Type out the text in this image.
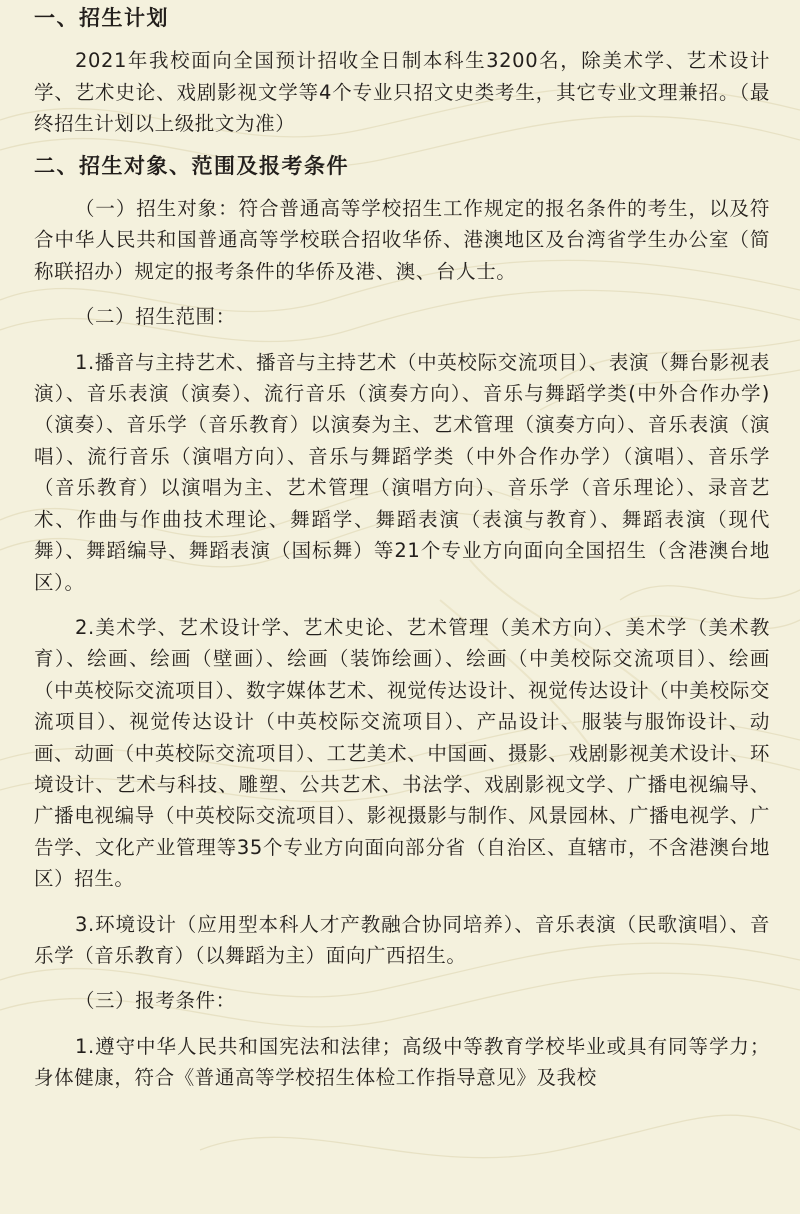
一、招生计划

2021年我校面向全国预计招收全日制本科生3200名，除美术学、艺术设计学、艺术史论、戏剧影视文学等4个专业只招文史类考生，其它专业文理兼招。（最终招生计划以上级批文为准）

二、招生对象、范围及报考条件

（一）招生对象：符合普通高等学校招生工作规定的报名条件的考生，以及符合中华人民共和国普通高等学校联合招收华侨、港澳地区及台湾省学生办公室（简称联招办）规定的报考条件的华侨及港、澳、台人士。

（二）招生范围：

1.播音与主持艺术、播音与主持艺术（中英校际交流项目）、表演（舞台影视表演）、音乐表演（演奏）、流行音乐（演奏方向）、音乐与舞蹈学类(中外合作办学)（演奏）、音乐学（音乐教育）以演奏为主、艺术管理（演奏方向）、音乐表演（演唱）、流行音乐（演唱方向）、音乐与舞蹈学类（中外合作办学）（演唱）、音乐学（音乐教育）以演唱为主、艺术管理（演唱方向）、音乐学（音乐理论）、录音艺术、作曲与作曲技术理论、舞蹈学、舞蹈表演（表演与教育）、舞蹈表演（现代舞）、舞蹈编导、舞蹈表演（国标舞）等21个专业方向面向全国招生（含港澳台地区）。

2.美术学、艺术设计学、艺术史论、艺术管理（美术方向）、美术学（美术教育）、绘画、绘画（壁画）、绘画（装饰绘画）、绘画（中美校际交流项目）、绘画（中英校际交流项目）、数字媒体艺术、视觉传达设计、视觉传达设计（中美校际交流项目）、视觉传达设计（中英校际交流项目）、产品设计、服装与服饰设计、动画、动画（中英校际交流项目）、工艺美术、中国画、摄影、戏剧影视美术设计、环境设计、艺术与科技、雕塑、公共艺术、书法学、戏剧影视文学、广播电视编导、广播电视编导（中英校际交流项目）、影视摄影与制作、风景园林、广播电视学、广告学、文化产业管理等35个专业方向面向部分省（自治区、直辖市，不含港澳台地区）招生。

3.环境设计（应用型本科人才产教融合协同培养）、音乐表演（民歌演唱）、音乐学（音乐教育）（以舞蹈为主）面向广西招生。

（三）报考条件：

1.遵守中华人民共和国宪法和法律；高级中等教育学校毕业或具有同等学力；身体健康，符合《普通高等学校招生体检工作指导意见》及我校
